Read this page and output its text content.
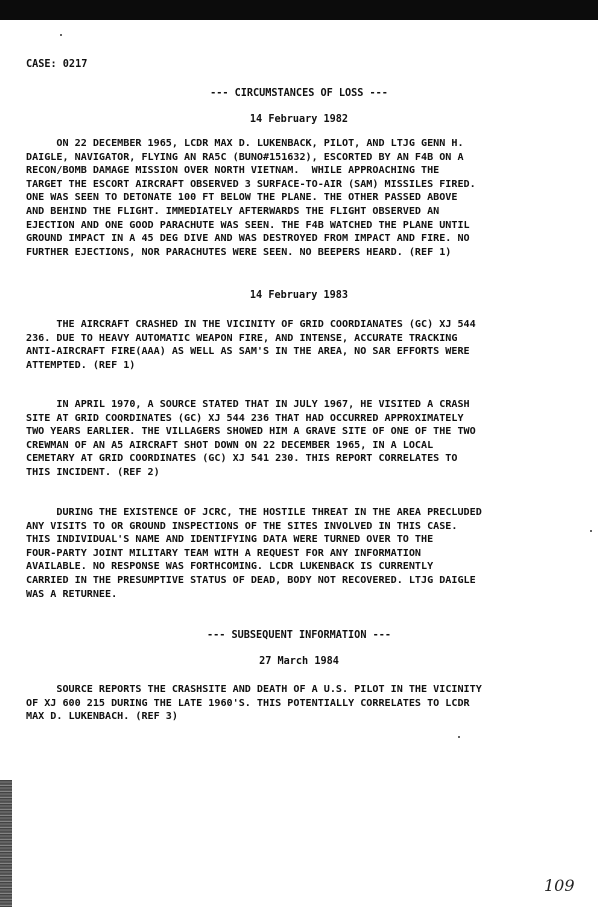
CASE: 0217
--- CIRCUMSTANCES OF LOSS ---
14 February 1982
ON 22 DECEMBER 1965, LCDR MAX D. LUKENBACK, PILOT, AND LTJG GENN H.
DAIGLE, NAVIGATOR, FLYING AN RA5C (BUNO#151632), ESCORTED BY AN F4B ON A
RECON/BOMB DAMAGE MISSION OVER NORTH VIETNAM.  WHILE APPROACHING THE
TARGET THE ESCORT AIRCRAFT OBSERVED 3 SURFACE-TO-AIR (SAM) MISSILES FIRED.
ONE WAS SEEN TO DETONATE 100 FT BELOW THE PLANE. THE OTHER PASSED ABOVE
AND BEHIND THE FLIGHT. IMMEDIATELY AFTERWARDS THE FLIGHT OBSERVED AN
EJECTION AND ONE GOOD PARACHUTE WAS SEEN. THE F4B WATCHED THE PLANE UNTIL
GROUND IMPACT IN A 45 DEG DIVE AND WAS DESTROYED FROM IMPACT AND FIRE. NO
FURTHER EJECTIONS, NOR PARACHUTES WERE SEEN. NO BEEPERS HEARD. (REF 1)
14 February 1983
THE AIRCRAFT CRASHED IN THE VICINITY OF GRID COORDIANATES (GC) XJ 544
236. DUE TO HEAVY AUTOMATIC WEAPON FIRE, AND INTENSE, ACCURATE TRACKING
ANTI-AIRCRAFT FIRE(AAA) AS WELL AS SAM'S IN THE AREA, NO SAR EFFORTS WERE
ATTEMPTED. (REF 1)
IN APRIL 1970, A SOURCE STATED THAT IN JULY 1967, HE VISITED A CRASH
SITE AT GRID COORDINATES (GC) XJ 544 236 THAT HAD OCCURRED APPROXIMATELY
TWO YEARS EARLIER. THE VILLAGERS SHOWED HIM A GRAVE SITE OF ONE OF THE TWO
CREWMAN OF AN A5 AIRCRAFT SHOT DOWN ON 22 DECEMBER 1965, IN A LOCAL
CEMETARY AT GRID COORDINATES (GC) XJ 541 230. THIS REPORT CORRELATES TO
THIS INCIDENT. (REF 2)
DURING THE EXISTENCE OF JCRC, THE HOSTILE THREAT IN THE AREA PRECLUDED
ANY VISITS TO OR GROUND INSPECTIONS OF THE SITES INVOLVED IN THIS CASE.
THIS INDIVIDUAL'S NAME AND IDENTIFYING DATA WERE TURNED OVER TO THE
FOUR-PARTY JOINT MILITARY TEAM WITH A REQUEST FOR ANY INFORMATION
AVAILABLE. NO RESPONSE WAS FORTHCOMING. LCDR LUKENBACK IS CURRENTLY
CARRIED IN THE PRESUMPTIVE STATUS OF DEAD, BODY NOT RECOVERED. LTJG DAIGLE
WAS A RETURNEE.
--- SUBSEQUENT INFORMATION ---
27 March 1984
SOURCE REPORTS THE CRASHSITE AND DEATH OF A U.S. PILOT IN THE VICINITY
OF XJ 600 215 DURING THE LATE 1960'S. THIS POTENTIALLY CORRELATES TO LCDR
MAX D. LUKENBACH. (REF 3)
109
